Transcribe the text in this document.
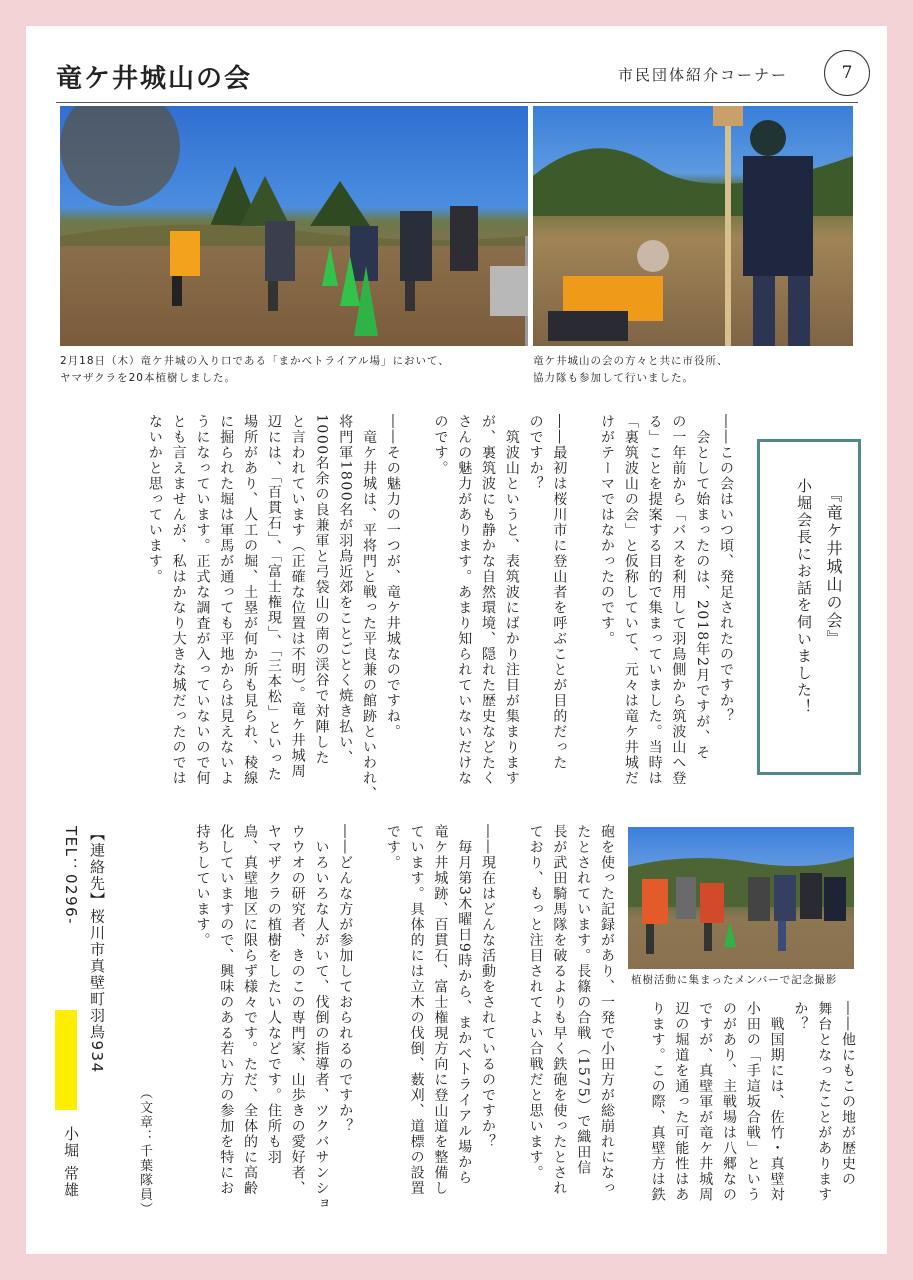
竜ケ井城山の会	市民団体紹介コーナー	7
2月18日（木）竜ケ井城の入り口である「まかべトライアル場」において、
ヤマザクラを20本植樹しました。
竜ケ井城山の会の方々と共に市役所、
協力隊も参加して行いました。
『竜ケ井城山の会』
小堀会長にお話を伺いました！
――この会はいつ頃、発足されたのですか？
　会として始まったのは、2018年2月ですが、そ
の一年前から「バスを利用して羽鳥側から筑波山へ登
る」ことを提案する目的で集まっていました。当時は
「裏筑波山の会」と仮称していて、元々は竜ケ井城だ
けがテーマではなかったのです。

――最初は桜川市に登山者を呼ぶことが目的だった
のですか？
　筑波山というと、表筑波にばかり注目が集まります
が、裏筑波にも静かな自然環境、隠れた歴史などたく
さんの魅力があります。あまり知られていないだけな
のです。

――その魅力の一つが、竜ケ井城なのですね。
　竜ケ井城は、平将門と戦った平良兼の館跡といわれ、
将門軍1800名が羽鳥近郊をことごとく焼き払い、
1000名余の良兼軍と弓袋山の南の渓谷で対陣した
と言われています（正確な位置は不明）。竜ケ井城周
辺には、「百貫石」、「富士権現」、「三本松」といった
場所があり、人工の堀、土塁が何か所も見られ、稜線
に掘られた堀は軍馬が通っても平地からは見えないよ
うになっています。正式な調査が入っていないので何
とも言えませんが、私はかなり大きな城だったのでは
ないかと思っています。
植樹活動に集まったメンバーで記念撮影
――他にもこの地が歴史の
舞台となったことがあります
か？
　戦国期には、佐竹・真壁対
小田の「手這坂合戦」という
のがあり、主戦場は八郷なの
ですが、真壁軍が竜ケ井城周
辺の堀道を通った可能性はあ
ります。この際、真壁方は鉄
砲を使った記録があり、一発で小田方が総崩れになっ
たとされています。長篠の合戦（1575）で織田信
長が武田騎馬隊を破るよりも早く鉄砲を使ったとされ
ており、もっと注目されてよい合戦だと思います。

――現在はどんな活動をされているのですか？
　毎月第3木曜日9時から、まかべトライアル場から
竜ケ井城跡、百貫石、富士権現方向に登山道を整備し
ています。具体的には立木の伐倒、薮刈、道標の設置
です。

――どんな方が参加しておられるのですか？
　いろいろな人がいて、伐倒の指導者、ツクバサンショ
ウウオの研究者、きのこの専門家、山歩きの愛好者、
ヤマザクラの植樹をしたい人などです。住所も羽
鳥、真壁地区に限らず様々です。ただ、全体的に高齢
化していますので、興味のある若い方の参加を特にお
持ちしています。
（文章：千葉隊員）
【連絡先】桜川市真壁町羽鳥934
TEL：0296-
小堀 常雄
